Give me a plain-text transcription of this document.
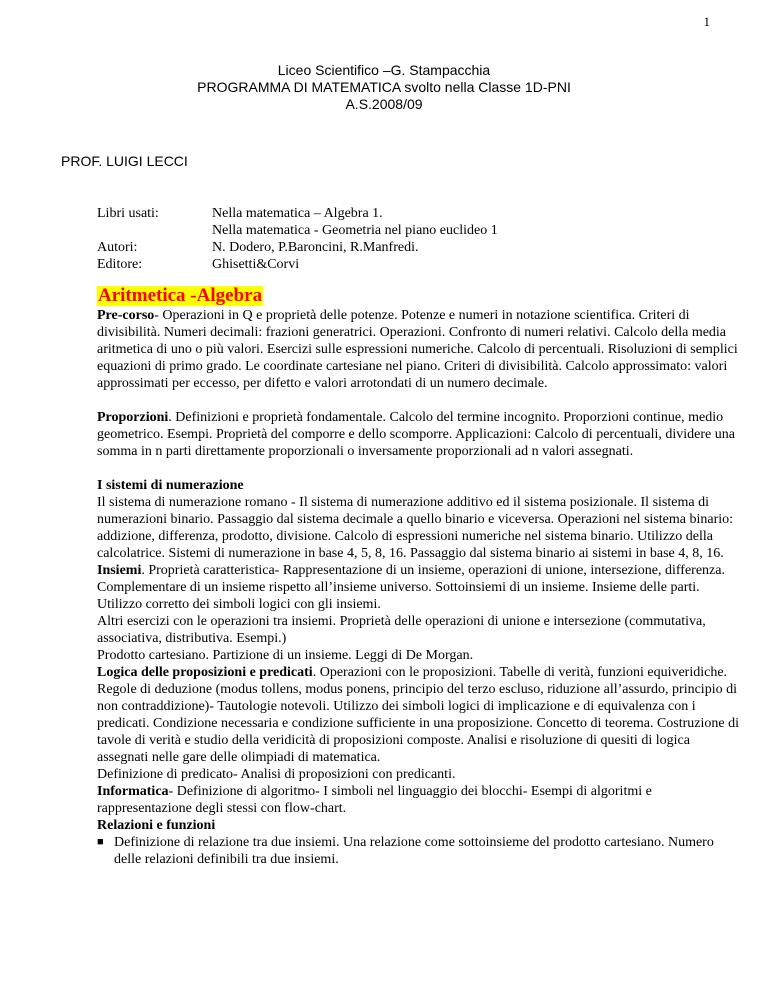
1
Liceo Scientifico –G. Stampacchia
PROGRAMMA DI MATEMATICA svolto nella Classe 1D-PNI
A.S.2008/09
PROF. LUIGI LECCI
Libri usati:	Nella matematica – Algebra 1.
Nella matematica - Geometria nel piano euclideo 1
Autori:	N. Dodero, P.Baroncini, R.Manfredi.
Editore:	Ghisetti&Corvi
Aritmetica -Algebra

Pre-corso- Operazioni in Q e proprietà delle potenze. Potenze e numeri in notazione scientifica. Criteri di divisibilità. Numeri decimali: frazioni generatrici. Operazioni. Confronto di numeri relativi. Calcolo della media aritmetica di uno o più valori. Esercizi sulle espressioni numeriche. Calcolo di percentuali. Risoluzioni di semplici equazioni di primo grado. Le coordinate cartesiane nel piano. Criteri di divisibilità. Calcolo approssimato: valori approssimati per eccesso, per difetto e valori arrotondati di un numero decimale.

Proporzioni. Definizioni e proprietà fondamentale. Calcolo del termine incognito. Proporzioni continue, medio geometrico. Esempi. Proprietà del comporre e dello scomporre. Applicazioni: Calcolo di percentuali, dividere una somma in n parti direttamente proporzionali o inversamente proporzionali ad n valori assegnati.

I sistemi di numerazione

Il sistema di numerazione romano - Il sistema di numerazione additivo ed il sistema posizionale. Il sistema di numerazioni binario. Passaggio dal sistema decimale a quello binario e viceversa. Operazioni nel sistema binario: addizione, differenza, prodotto, divisione. Calcolo di espressioni numeriche nel sistema binario. Utilizzo della calcolatrice. Sistemi di numerazione in base 4, 5, 8, 16. Passaggio dal sistema binario ai sistemi in base 4, 8, 16.

Insiemi. Proprietà caratteristica- Rappresentazione di un insieme, operazioni di unione, intersezione, differenza. Complementare di un insieme rispetto all’insieme universo. Sottoinsiemi di un insieme. Insieme delle parti. Utilizzo corretto dei simboli logici con gli insiemi.

Altri esercizi con le operazioni tra insiemi. Proprietà delle operazioni di unione e intersezione (commutativa, associativa, distributiva. Esempi.)

Prodotto cartesiano. Partizione di un insieme. Leggi di De Morgan.

Logica delle proposizioni e predicati. Operazioni con le proposizioni. Tabelle di verità, funzioni equiveridiche. Regole di deduzione (modus tollens, modus ponens, principio del terzo escluso, riduzione all’assurdo, principio di non contraddizione)- Tautologie notevoli. Utilizzo dei simboli logici di implicazione e di equivalenza con i predicati. Condizione necessaria e condizione sufficiente in una proposizione. Concetto di teorema. Costruzione di tavole di verità e studio della veridicità di proposizioni composte. Analisi e risoluzione di quesiti di logica assegnati nelle gare delle olimpiadi di matematica.

Definizione di predicato- Analisi di proposizioni con predicanti.

Informatica- Definizione di algoritmo- I simboli nel linguaggio dei blocchi- Esempi di algoritmi e rappresentazione degli stessi con flow-chart.

Relazioni e funzioni

■ Definizione di relazione tra due insiemi. Una relazione come sottoinsieme del prodotto cartesiano. Numero delle relazioni definibili tra due insiemi.
